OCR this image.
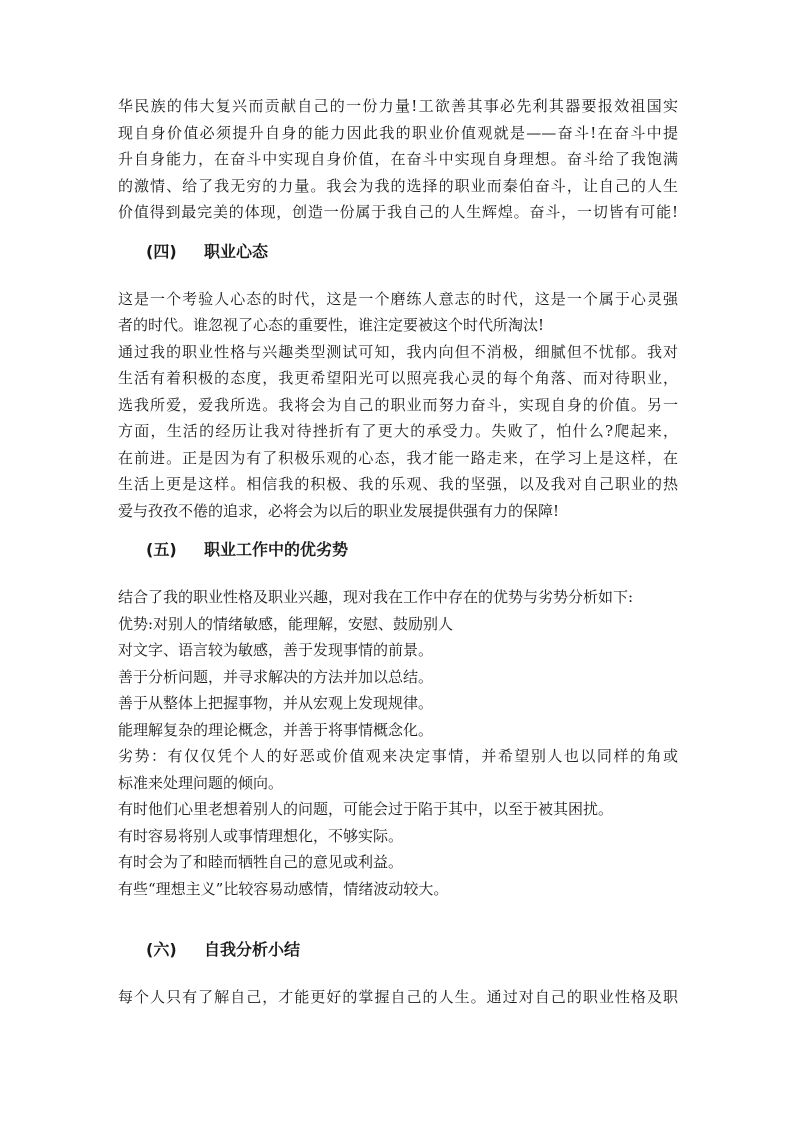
华民族的伟大复兴而贡献自己的一份力量!工欲善其事必先利其器要报效祖国实

现自身价值必须提升自身的能力因此我的职业价值观就是——奋斗!在奋斗中提

升自身能力，在奋斗中实现自身价值，在奋斗中实现自身理想。奋斗给了我饱满

的激情、给了我无穷的力量。我会为我的选择的职业而秦伯奋斗，让自己的人生

价值得到最完美的体现，创造一份属于我自己的人生辉煌。奋斗，一切皆有可能!

(四) 职业心态

这是一个考验人心态的时代，这是一个磨练人意志的时代，这是一个属于心灵强

者的时代。谁忽视了心态的重要性，谁注定要被这个时代所淘汰!

通过我的职业性格与兴趣类型测试可知，我内向但不消极，细腻但不忧郁。我对

生活有着积极的态度，我更希望阳光可以照亮我心灵的每个角落、而对待职业，

选我所爱，爱我所选。我将会为自己的职业而努力奋斗，实现自身的价值。另一

方面，生活的经历让我对待挫折有了更大的承受力。失败了，怕什么?爬起来，

在前进。正是因为有了积极乐观的心态，我才能一路走来，在学习上是这样，在

生活上更是这样。相信我的积极、我的乐观、我的坚强，以及我对自己职业的热

爱与孜孜不倦的追求，必将会为以后的职业发展提供强有力的保障!

(五) 职业工作中的优劣势

结合了我的职业性格及职业兴趣，现对我在工作中存在的优势与劣势分析如下:

优势:对别人的情绪敏感，能理解，安慰、鼓励别人

对文字、语言较为敏感，善于发现事情的前景。

善于分析问题，并寻求解决的方法并加以总结。

善于从整体上把握事物，并从宏观上发现规律。

能理解复杂的理论概念，并善于将事情概念化。

劣势：有仅仅凭个人的好恶或价值观来决定事情，并希望别人也以同样的角或

标准来处理问题的倾向。

有时他们心里老想着别人的问题，可能会过于陷于其中，以至于被其困扰。

有时容易将别人或事情理想化，不够实际。

有时会为了和睦而牺牲自己的意见或利益。

有些“理想主义”比较容易动感情，情绪波动较大。

(六) 自我分析小结

每个人只有了解自己，才能更好的掌握自己的人生。通过对自己的职业性格及职
